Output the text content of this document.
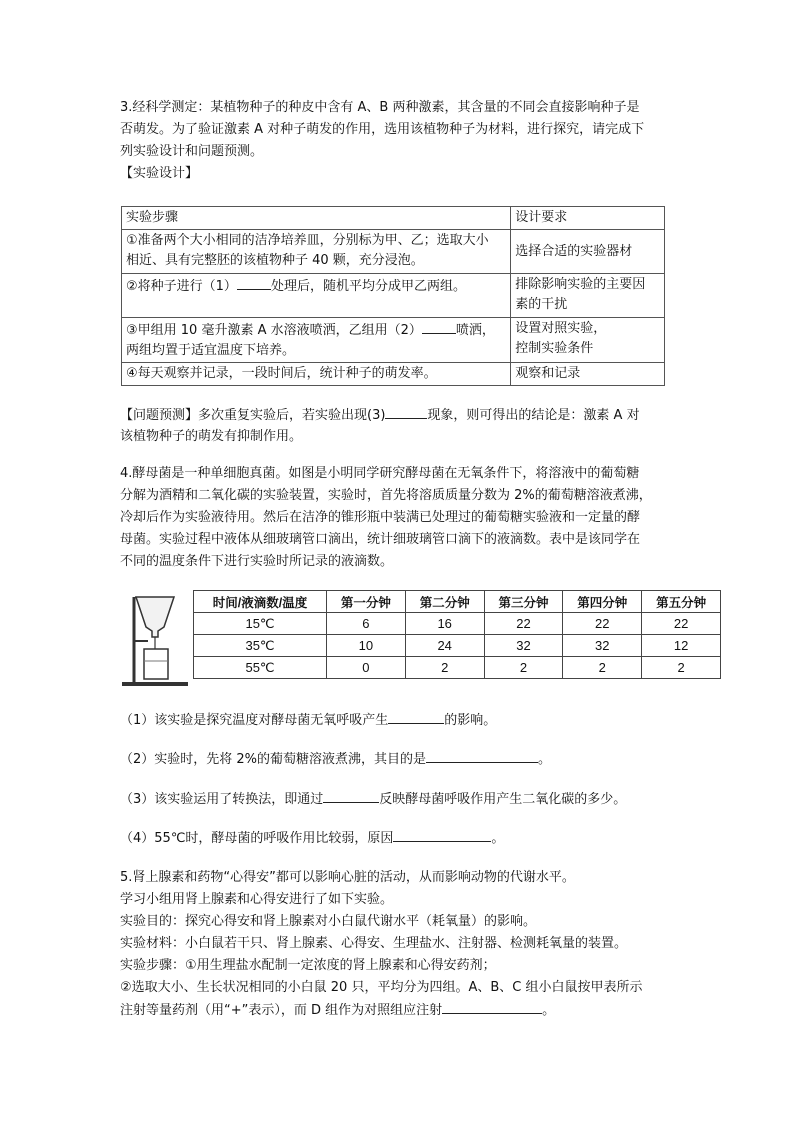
3.经科学测定：某植物种子的种皮中含有 A、B 两种激素，其含量的不同会直接影响种子是
否萌发。为了验证激素 A 对种子萌发的作用，选用该植物种子为材料，进行探究，请完成下
列实验设计和问题预测。
【实验设计】
实验步骤	设计要求
①准备两个大小相同的洁净培养皿，分别标为甲、乙；选取大小
相近、具有完整胚的该植物种子 40 颗，充分浸泡。	选择合适的实验器材
②将种子进行（1） 处理后，随机平均分成甲乙两组。	排除影响实验的主要因
素的干扰
③甲组用 10 毫升激素 A 水溶液喷洒，乙组用（2） 喷洒，
两组均置于适宜温度下培养。	设置对照实验，
控制实验条件
④每天观察并记录，一段时间后，统计种子的萌发率。	观察和记录
【问题预测】多次重复实验后，若实验出现(3)	现象，则可得出的结论是：激素 A 对
该植物种子的萌发有抑制作用。
4.酵母菌是一种单细胞真菌。如图是小明同学研究酵母菌在无氧条件下，将溶液中的葡萄糖
分解为酒精和二氧化碳的实验装置，实验时，首先将溶质质量分数为 2%的葡萄糖溶液煮沸，
冷却后作为实验液待用。然后在洁净的锥形瓶中装满已处理过的葡萄糖实验液和一定量的酵
母菌。实验过程中液体从细玻璃管口滴出，统计细玻璃管口滴下的液滴数。表中是该同学在
不同的温度条件下进行实验时所记录的液滴数。
时间/液滴数/温度	第一分钟	第二分钟	第三分钟	第四分钟	第五分钟
15℃	6	16	22	22	22
35℃	10	24	32	32	12
55℃	0	2	2	2	2
（1）该实验是探究温度对酵母菌无氧呼吸产生	的影响。
（2）实验时，先将 2%的葡萄糖溶液煮沸，其目的是	。
（3）该实验运用了转换法，即通过	反映酵母菌呼吸作用产生二氧化碳的多少。
（4）55℃时，酵母菌的呼吸作用比较弱，原因	。
5.肾上腺素和药物“心得安”都可以影响心脏的活动，从而影响动物的代谢水平。
学习小组用肾上腺素和心得安进行了如下实验。
实验目的：探究心得安和肾上腺素对小白鼠代谢水平（耗氧量）的影响。
实验材料：小白鼠若干只、肾上腺素、心得安、生理盐水、注射器、检测耗氧量的装置。
实验步骤：①用生理盐水配制一定浓度的肾上腺素和心得安药剂；
②选取大小、生长状况相同的小白鼠 20 只，平均分为四组。A、B、C 组小白鼠按甲表所示
注射等量药剂（用“+”表示），而 D 组作为对照组应注射	。
